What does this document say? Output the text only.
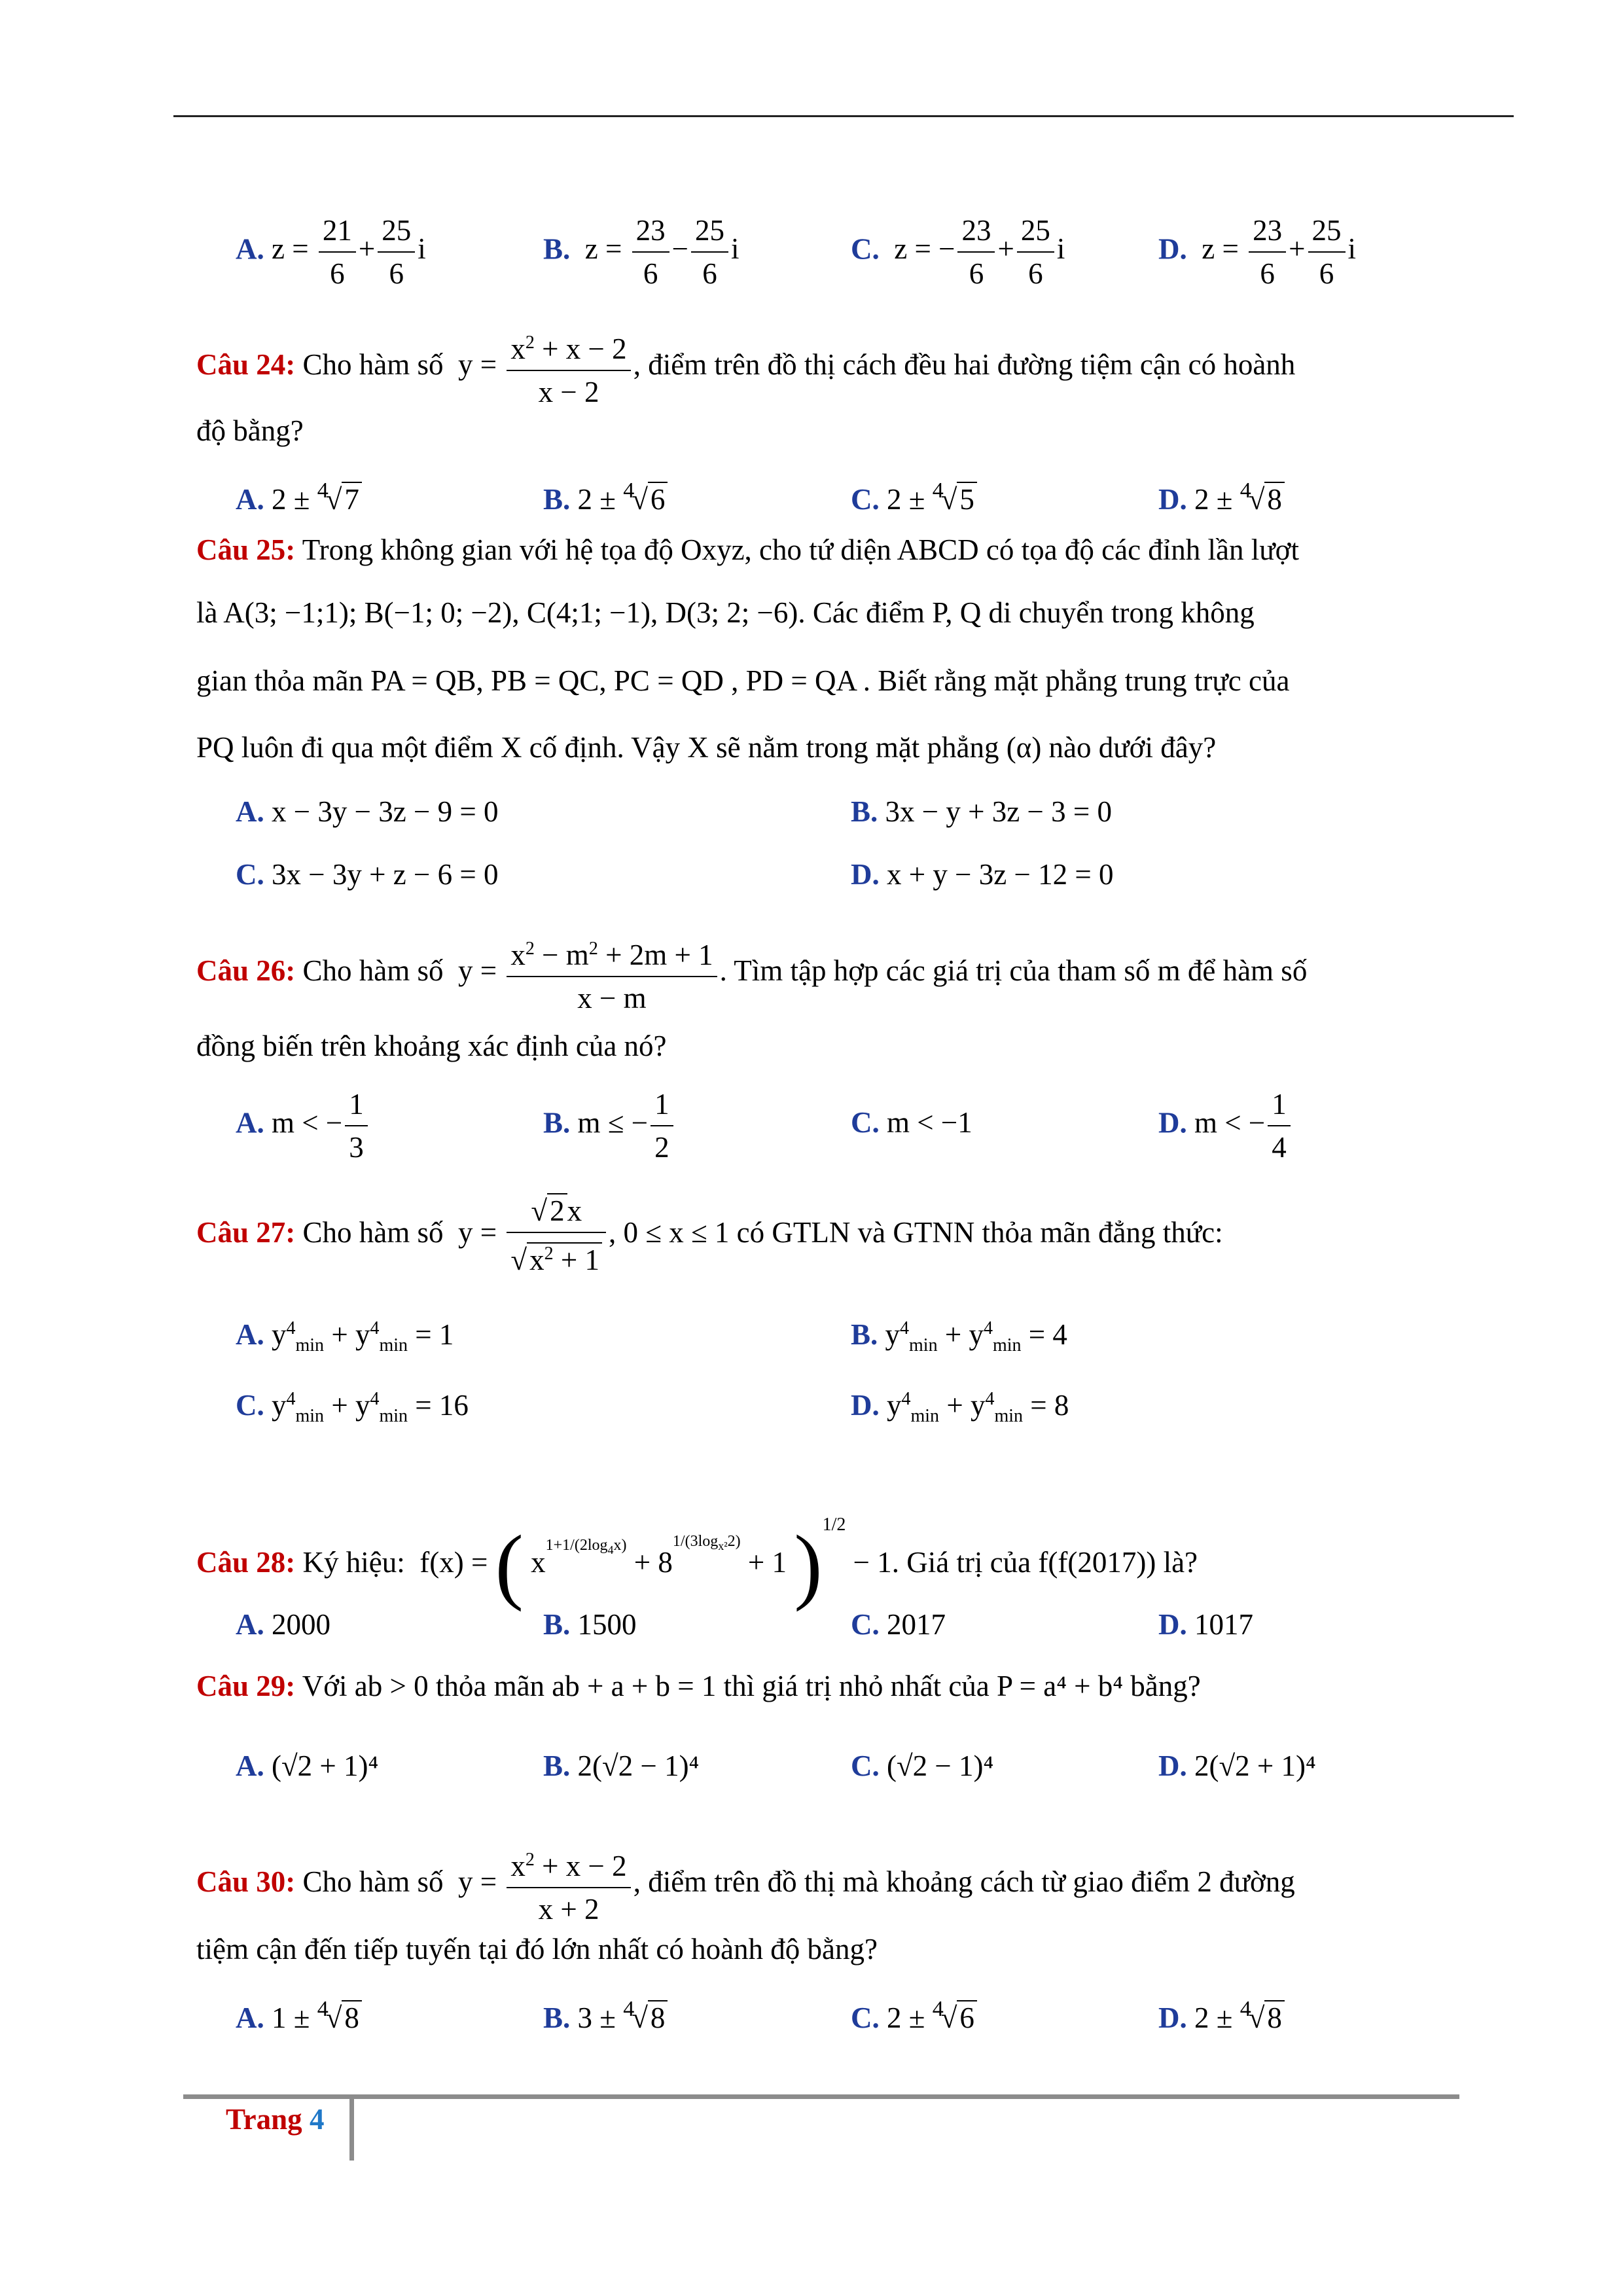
A. $z = \frac{21}{6} + \frac{25}{6}$ i	B.  $z = \frac{23}{6} - \frac{25}{6}$ i	C.  z = − $\frac{23}{6} + \frac{25}{6}$ i	D.  $z = \frac{23}{6} + \frac{25}{6}$ i
Câu 24: Cho hàm số  $y = \frac{x^2 + x - 2}{x - 2}$ , điểm trên đồ thị cách đều hai đường tiệm cận có hoành
độ bằng?
A. 2 ± $^4$√7	B. 2 ± $^4$√6	C. 2 ± $^4$√5	D. 2 ± $^4$√8
Câu 25: Trong không gian với hệ tọa độ Oxyz, cho tứ diện ABCD có tọa độ các đỉnh lần lượt
là A(3; −1;1); B(−1; 0; −2), C(4;1; −1), D(3; 2; −6). Các điểm P, Q di chuyển trong không
gian thỏa mãn PA = QB, PB = QC, PC = QD , PD = QA . Biết rằng mặt phẳng trung trực của
PQ luôn đi qua một điểm X cố định. Vậy X sẽ nằm trong mặt phẳng (α) nào dưới đây?
A. x − 3y − 3z − 9 = 0	B. 3x − y + 3z − 3 = 0
C. 3x − 3y + z − 6 = 0	D. x + y − 3z − 12 = 0
Câu 26: Cho hàm số  $y = \frac{x^2 - m^2 + 2m + 1}{x - m}$ . Tìm tập hợp các giá trị của tham số m để hàm số
đồng biến trên khoảng xác định của nó?
A. m < − $\frac{1}{3}$	B. m ≤ − $\frac{1}{2}$	C. m < −1	D. m < − $\frac{1}{4}$
Câu 27: Cho hàm số  $y = \frac{√2x}{√x^2 + 1}$ , 0 ≤ x ≤ 1 có GTLN và GTNN thỏa mãn đẳng thức:
A. $y^4_{min} + y^4_{min} = 1$	B. $y^4_{min} + y^4_{min} = 4$
C. $y^4_{min} + y^4_{min} = 16$	D. $y^4_{min} + y^4_{min} = 8$
Câu 28: Ký hiệu:  f(x) = ( $x^{1+1/(2log_4x)} + 8^{1/(3log_{x^2}2)} + 1$ )$^{1/2}$ − 1. Giá trị của f(f(2017)) là?
A. 2000	B. 1500	C. 2017	D. 1017
Câu 29: Với ab > 0 thỏa mãn ab + a + b = 1 thì giá trị nhỏ nhất của P = a⁴ + b⁴ bằng?
A. (√2 + 1)⁴	B. 2(√2 − 1)⁴	C. (√2 − 1)⁴	D. 2(√2 + 1)⁴
Câu 30: Cho hàm số  $y = \frac{x^2 + x - 2}{x + 2}$ , điểm trên đồ thị mà khoảng cách từ giao điểm 2 đường
tiệm cận đến tiếp tuyến tại đó lớn nhất có hoành độ bằng?
A. 1 ± $^4$√8	B. 3 ± $^4$√8	C. 2 ± $^4$√6	D. 2 ± $^4$√8
Trang 4
